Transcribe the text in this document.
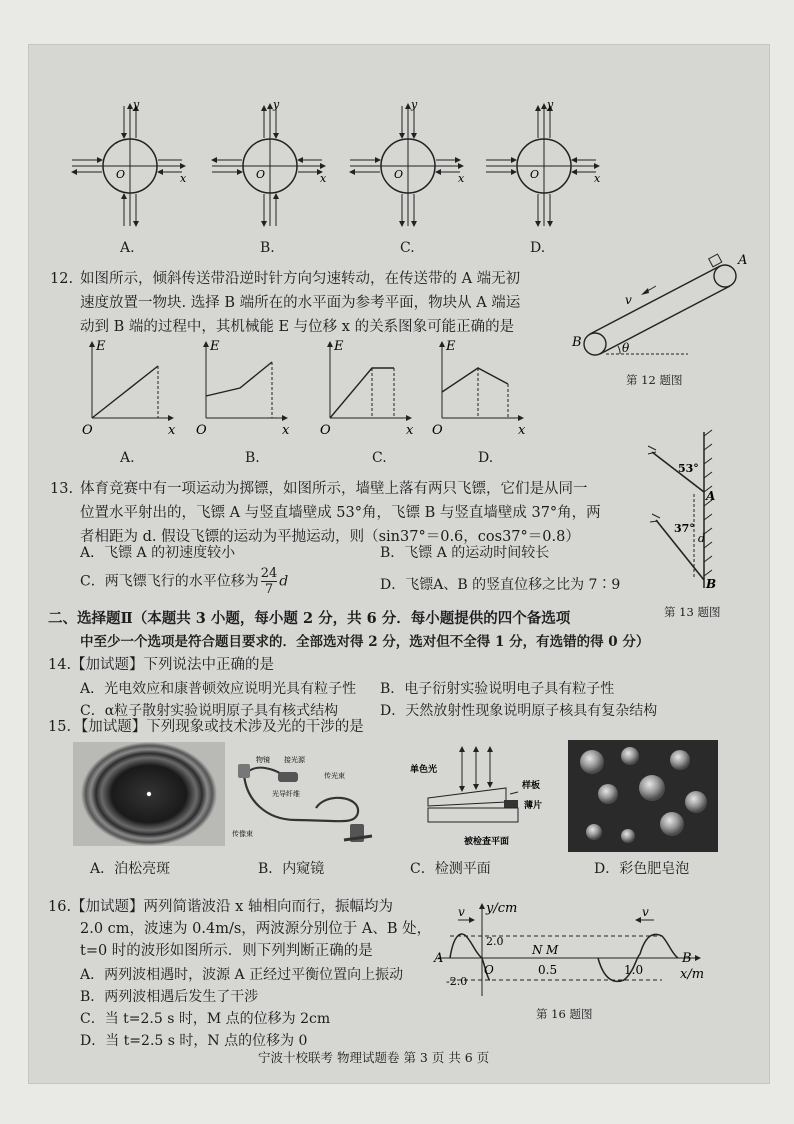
y
x
O
y
x
O
y
x
O
y
x
O
A.	B.	C.	D.
12. 如图所示，倾斜传送带沿逆时针方向匀速转动，在传送带的 A 端无初
速度放置一物块. 选择 B 端所在的水平面为参考平面，物块从 A 端运
动到 B 端的过程中，其机械能 E 与位移 x 的关系图象可能正确的是
E
x
O
E
x
O
E
x
O
E
x
O
A.	B.	C.	D.
v
A
B	θ
第 12 题图
13. 体育竞赛中有一项运动为掷镖，如图所示，墙壁上落有两只飞镖，它们是从同一
位置水平射出的，飞镖 A 与竖直墙壁成 53°角，飞镖 B 与竖直墙壁成 37°角，两
者相距为 d. 假设飞镖的运动为平抛运动，则（sin37°＝0.6，cos37°＝0.8）
A．飞镖 A 的初速度较小	B．飞镖 A 的运动时间较长
C．两飞镖飞行的水平位移为 $\frac{24}{7}$ d	D．飞镖A、B 的竖直位移之比为 7∶9
53°
37°
A
B
d
第 13 题图
二、选择题Ⅱ（本题共 3 小题，每小题 2 分，共 6 分．每小题提供的四个备选项
中至少一个选项是符合题目要求的．全部选对得 2 分，选对但不全得 1 分，有选错的得 0 分）
14.【加试题】下列说法中正确的是
A．光电效应和康普顿效应说明光具有粒子性 B．电子衍射实验说明电子具有粒子性
C．α粒子散射实验说明原子具有核式结构	D．天然放射性现象说明原子核具有复杂结构
15．【加试题】下列现象或技术涉及光的干涉的是
物镜 接光源
传光束
光导纤维
传像束
单色光
样板
薄片
被检查平面
A．泊松亮斑	B．内窥镜	C．检测平面	D．彩色肥皂泡
16.【加试题】两列简谐波沿 x 轴相向而行，振幅均为
2.0 cm，波速为 0.4m/s，两波源分别位于 A、B 处，
t=0 时的波形如图所示．则下列判断正确的是
A．两列波相遇时，波源 A 正经过平衡位置向上振动
B．两列波相遇后发生了干涉
C．当 t=2.5 s 时，M 点的位移为 2cm
D．当 t=2.5 s 时，N 点的位移为 0
v	v
y/cm
x/m
2.0
-2.0
O	0.5	1.0
A	B
N M
第 16 题图
宁波十校联考 物理试题卷 第 3 页 共 6 页
